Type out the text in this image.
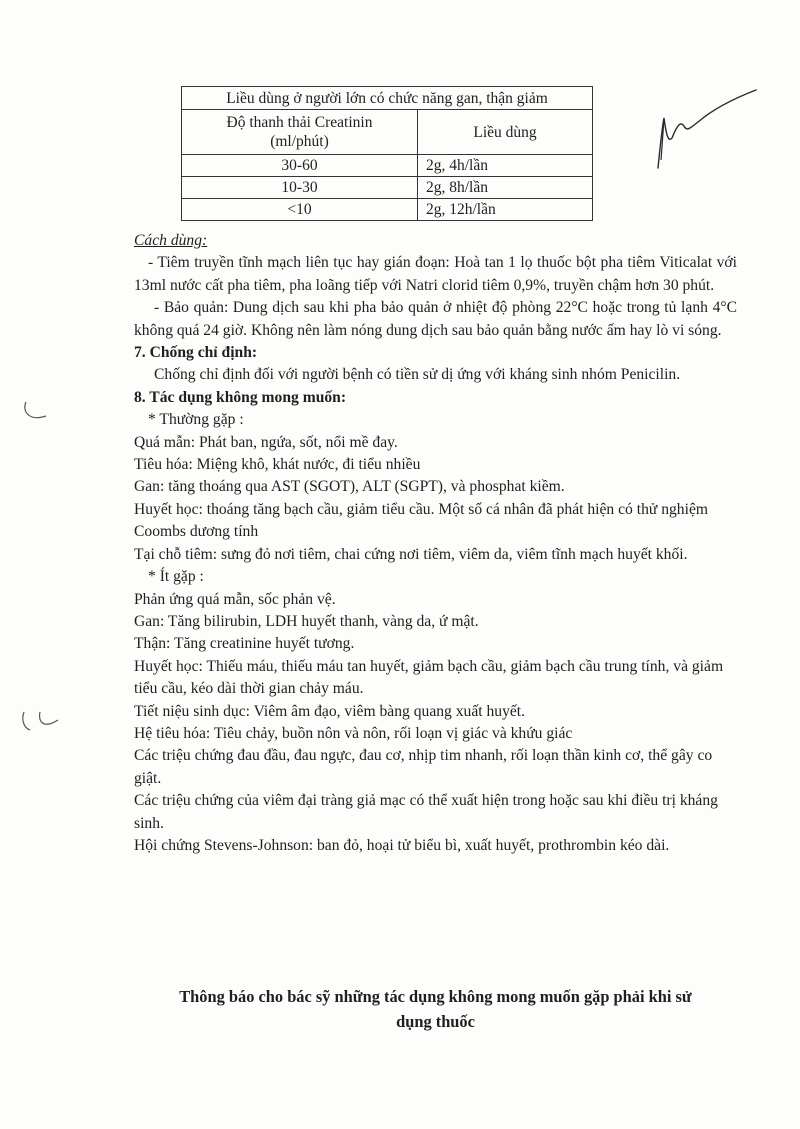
Liều dùng ở người lớn có chức năng gan, thận giảm	

Độ thanh thải Creatinin
(ml/phút)	Liều dùng
30-60	2g, 4h/lần
10-30	2g, 8h/lần
<10	2g, 12h/lần

Cách dùng:

- Tiêm truyền tĩnh mạch liên tục hay gián đoạn: Hoà tan 1 lọ thuốc bột pha tiêm Viticalat với 13ml nước cất pha tiêm, pha loãng tiếp với Natri clorid tiêm 0,9%, truyền chậm hơn 30 phút.

- Bảo quản: Dung dịch sau khi pha bảo quản ở nhiệt độ phòng 22°C hoặc trong tủ lạnh 4°C không quá 24 giờ. Không nên làm nóng dung dịch sau bảo quản bằng nước ấm hay lò vi sóng.

7. Chống chỉ định:

Chống chỉ định đối với người bệnh có tiền sử dị ứng với kháng sinh nhóm Penicilin.

8. Tác dụng không mong muốn:

* Thường gặp :

Quá mẫn: Phát ban, ngứa, sốt, nổi mề đay.

Tiêu hóa: Miệng khô, khát nước, đi tiểu nhiều

Gan: tăng thoáng qua AST (SGOT), ALT (SGPT), và phosphat kiềm.

Huyết học: thoáng tăng bạch cầu, giảm tiểu cầu. Một số cá nhân đã phát hiện có thử nghiệm Coombs dương tính

Tại chỗ tiêm: sưng đỏ nơi tiêm, chai cứng nơi tiêm, viêm da, viêm tĩnh mạch huyết khối.

* Ít gặp :

Phản ứng quá mẫn, sốc phản vệ.

Gan: Tăng bilirubin, LDH huyết thanh, vàng da, ứ mật.

Thận: Tăng creatinine huyết tương.

Huyết học: Thiếu máu, thiếu máu tan huyết, giảm bạch cầu, giảm bạch cầu trung tính, và giảm tiểu cầu, kéo dài thời gian chảy máu.

Tiết niệu sinh dục: Viêm âm đạo, viêm bàng quang xuất huyết.

Hệ tiêu hóa: Tiêu chảy, buồn nôn và nôn, rối loạn vị giác và khứu giác

Các triệu chứng đau đầu, đau ngực, đau cơ, nhịp tim nhanh, rối loạn thần kinh cơ, thể gây co giật.

Các triệu chứng của viêm đại tràng giả mạc có thể xuất hiện trong hoặc sau khi điều trị kháng sinh.

Hội chứng Stevens-Johnson: ban đỏ, hoại tử biểu bì, xuất huyết, prothrombin kéo dài.

Thông báo cho bác sỹ những tác dụng không mong muốn gặp phải khi sử
dụng thuốc
